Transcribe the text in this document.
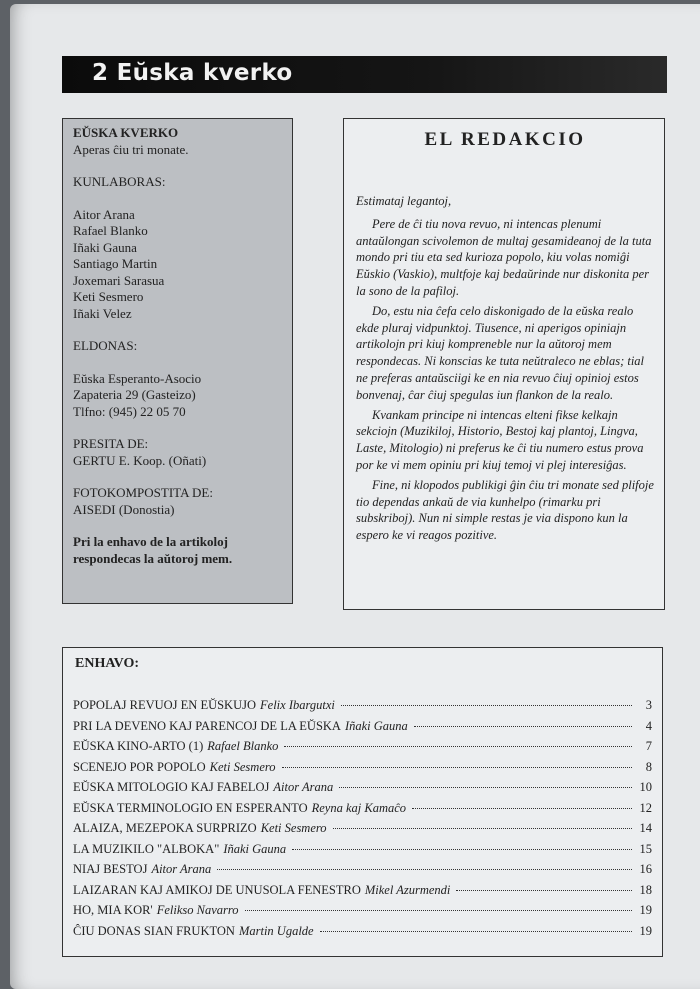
2 Eŭska kverko

EŬSKA KVERKO

Aperas ĉiu tri monate.

KUNLABORAS:

Aitor Arana

Rafael Blanko

Iñaki Gauna

Santiago Martin

Joxemari Sarasua

Keti Sesmero

Iñaki Velez

ELDONAS:

Eŭska Esperanto-Asocio

Zapateria 29 (Gasteizo)

Tlfno: (945) 22 05 70

PRESITA DE:

GERTU E. Koop. (Oñati)

FOTOKOMPOSTITA DE:

AISEDI (Donostia)

Pri la enhavo de la artikoloj respondecas la aŭtoroj mem.

EL REDAKCIO

Estimataj legantoj,

Pere de ĉi tiu nova revuo, ni intencas plenumi antaŭlongan scivolemon de multaj gesamideanoj de la tuta mondo pri tiu eta sed kurioza popolo, kiu volas nomiĝi Eŭskio (Vaskio), multfoje kaj bedaŭrinde nur diskonita per la sono de la pafiloj.

Do, estu nia ĉefa celo diskonigado de la eŭska realo ekde pluraj vidpunktoj. Tiusence, ni aperigos opiniajn artikolojn pri kiuj kompreneble nur la aŭtoroj mem respondecas. Ni konscias ke tuta neŭtraleco ne eblas; tial ne preferas antaŭsciigi ke en nia revuo ĉiuj opinioj estos bonvenaj, ĉar ĉiuj spegulas iun flankon de la realo.

Kvankam principe ni intencas elteni fikse kelkajn sekciojn (Muzikiloj, Historio, Bestoj kaj plantoj, Lingva, Laste, Mitologio) ni preferus ke ĉi tiu numero estus prova por ke vi mem opiniu pri kiuj temoj vi plej interesiĝas.

Fine, ni klopodos publikigi ĝin ĉiu tri monate sed plifoje tio dependas ankaŭ de via kunhelpo (rimarku pri subskriboj). Nun ni simple restas je via dispono kun la espero ke vi reagos pozitive.

ENHAVO:
POPOLAJ REVUOJ EN EŬSKUJO Felix Ibargutxi	3
PRI LA DEVENO KAJ PARENCOJ DE LA EŬSKA Iñaki Gauna	4
EŬSKA KINO-ARTO (1) Rafael Blanko	7
SCENEJO POR POPOLO Keti Sesmero	8
EŬSKA MITOLOGIO KAJ FABELOJ Aitor Arana	10
EŬSKA TERMINOLOGIO EN ESPERANTO Reyna kaj Kamaĉo	12
ALAIZA, MEZEPOKA SURPRIZO Keti Sesmero	14
LA MUZIKILO "ALBOKA" Iñaki Gauna	15
NIAJ BESTOJ Aitor Arana	16
LAIZARAN KAJ AMIKOJ DE UNUSOLA FENESTRO Mikel Azurmendi	18
HO, MIA KOR' Felikso Navarro	19
ĈIU DONAS SIAN FRUKTON Martin Ugalde	19
